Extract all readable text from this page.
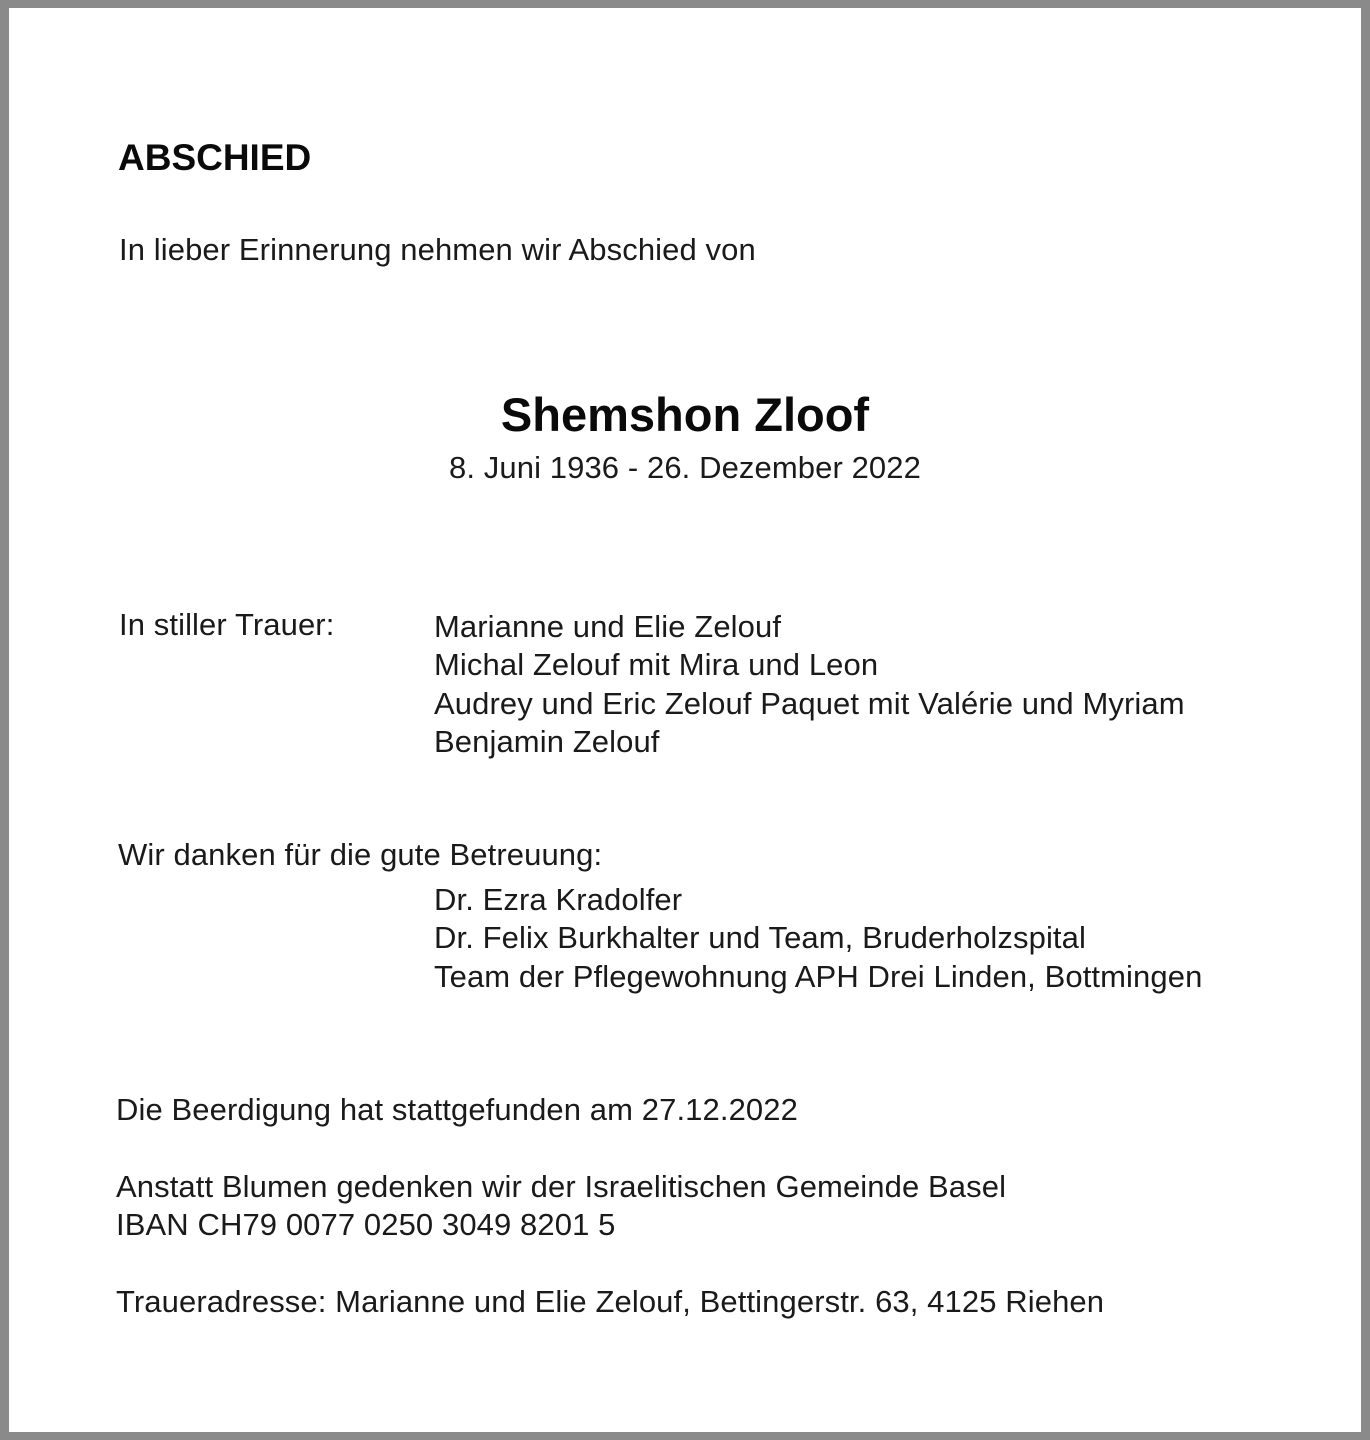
ABSCHIED

In lieber Erinnerung nehmen wir Abschied von

Shemshon Zloof

8. Juni 1936 - 26. Dezember 2022

In stiller Trauer:	Marianne und Elie Zelouf
Michal Zelouf mit Mira und Leon
Audrey und Eric Zelouf Paquet mit Valérie und Myriam
Benjamin Zelouf

Wir danken für die gute Betreuung:

Dr. Ezra Kradolfer
Dr. Felix Burkhalter und Team, Bruderholzspital
Team der Pflegewohnung APH Drei Linden, Bottmingen

Die Beerdigung hat stattgefunden am 27.12.2022

Anstatt Blumen gedenken wir der Israelitischen Gemeinde Basel

IBAN CH79 0077 0250 3049 8201 5

Traueradresse: Marianne und Elie Zelouf, Bettingerstr. 63, 4125 Riehen
